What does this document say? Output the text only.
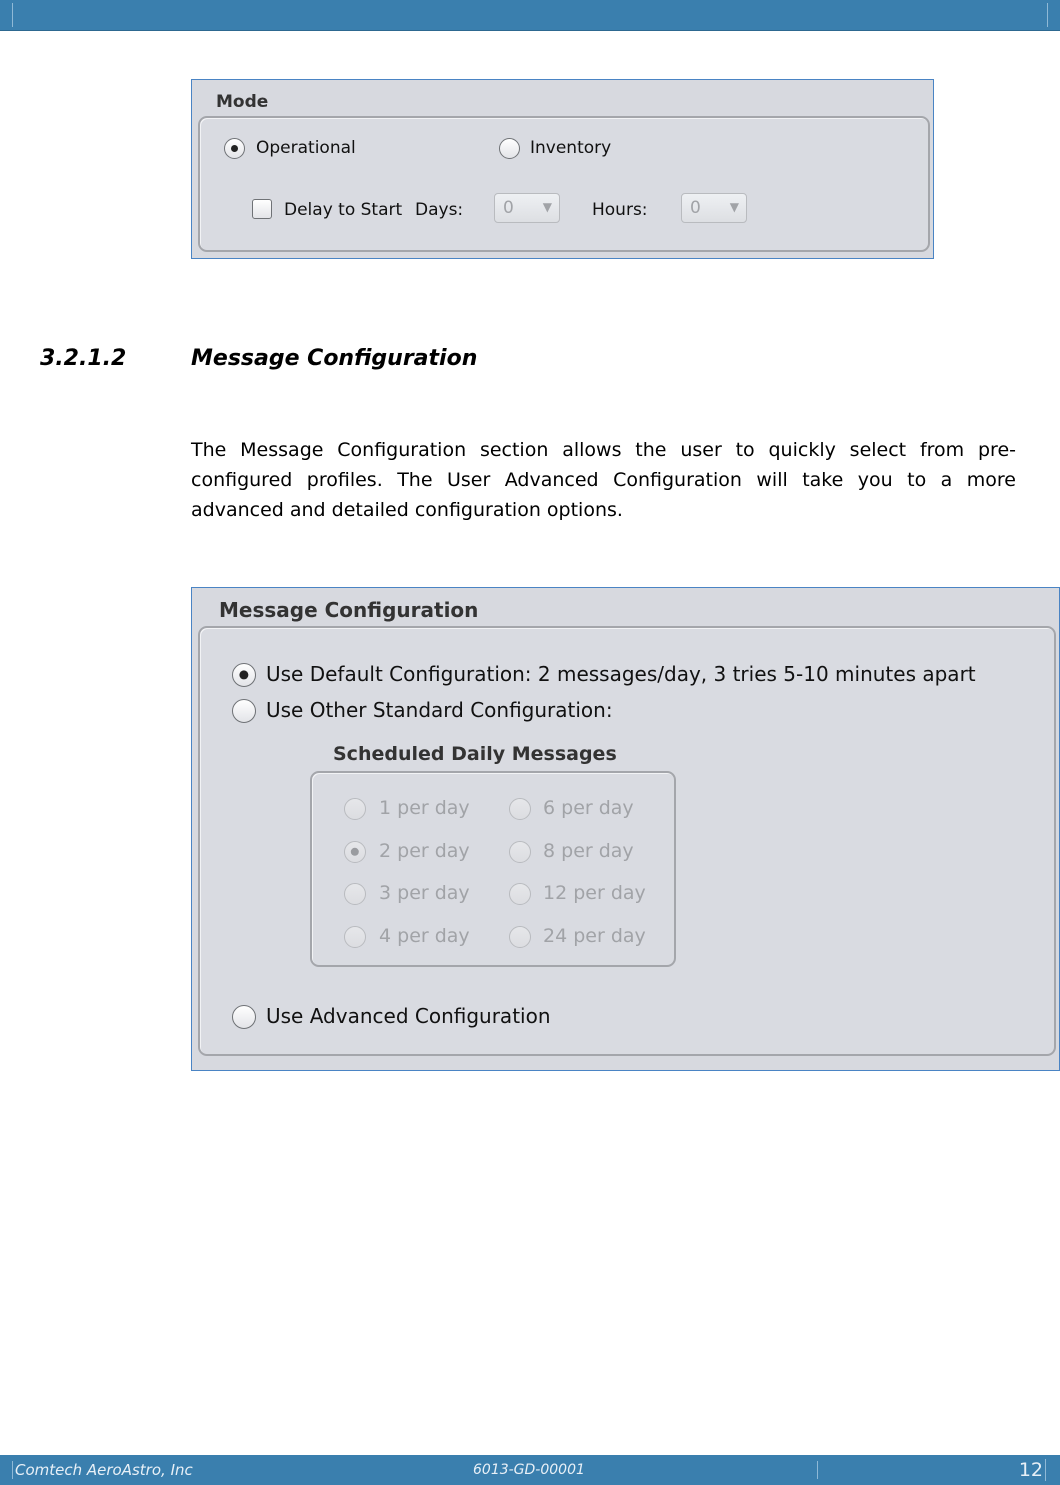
Mode
Operational	Inventory
Delay to Start Days: 0 ▼ Hours: 0 ▼
3.2.1.2	Message Configuration
The Message Configuration section allows the user to quickly select from pre-configured profiles. The User Advanced Configuration will take you to a more advanced and detailed configuration options.
Message Configuration
Use Default Configuration: 2 messages/day, 3 tries 5-10 minutes apart
Use Other Standard Configuration:
Scheduled Daily Messages
1 per day
2 per day
3 per day
4 per day
6 per day
8 per day
12 per day
24 per day
Use Advanced Configuration
Comtech AeroAstro, Inc	6013-GD-00001	12
